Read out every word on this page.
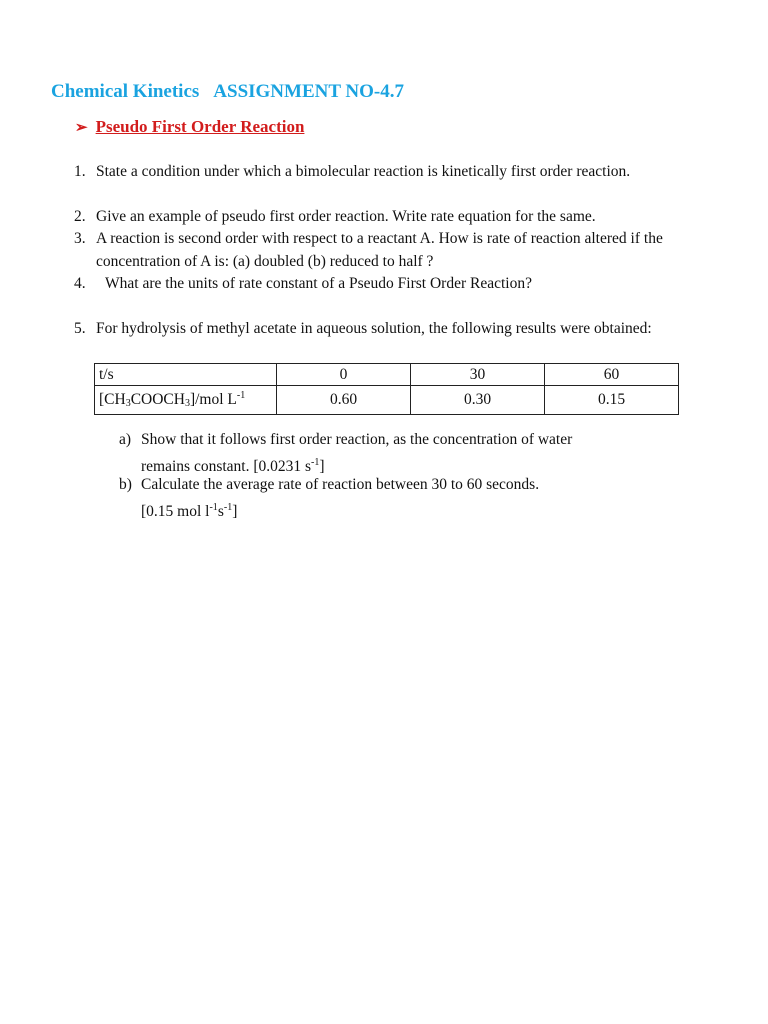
Chemical Kinetics ASSIGNMENT NO-4.7
➢ Pseudo First Order Reaction
1. State a condition under which a bimolecular reaction is kinetically first order reaction.
2. Give an example of pseudo first order reaction. Write rate equation for the same.
3. A reaction is second order with respect to a reactant A. How is rate of reaction altered if the concentration of A is: (a) doubled (b) reduced to half ?
4. What are the units of rate constant of a Pseudo First Order Reaction?
5. For hydrolysis of methyl acetate in aqueous solution, the following results were obtained:
t/s	0	30	60
$[CH_3COOCH_3]$/mol $L^{-1}$	0.60	0.30	0.15
a) Show that it follows first order reaction, as the concentration of water
remains constant. [0.0231 $s^{-1}$]
b) Calculate the average rate of reaction between 30 to 60 seconds.
[0.15 mol $l^{-1}s^{-1}$]
